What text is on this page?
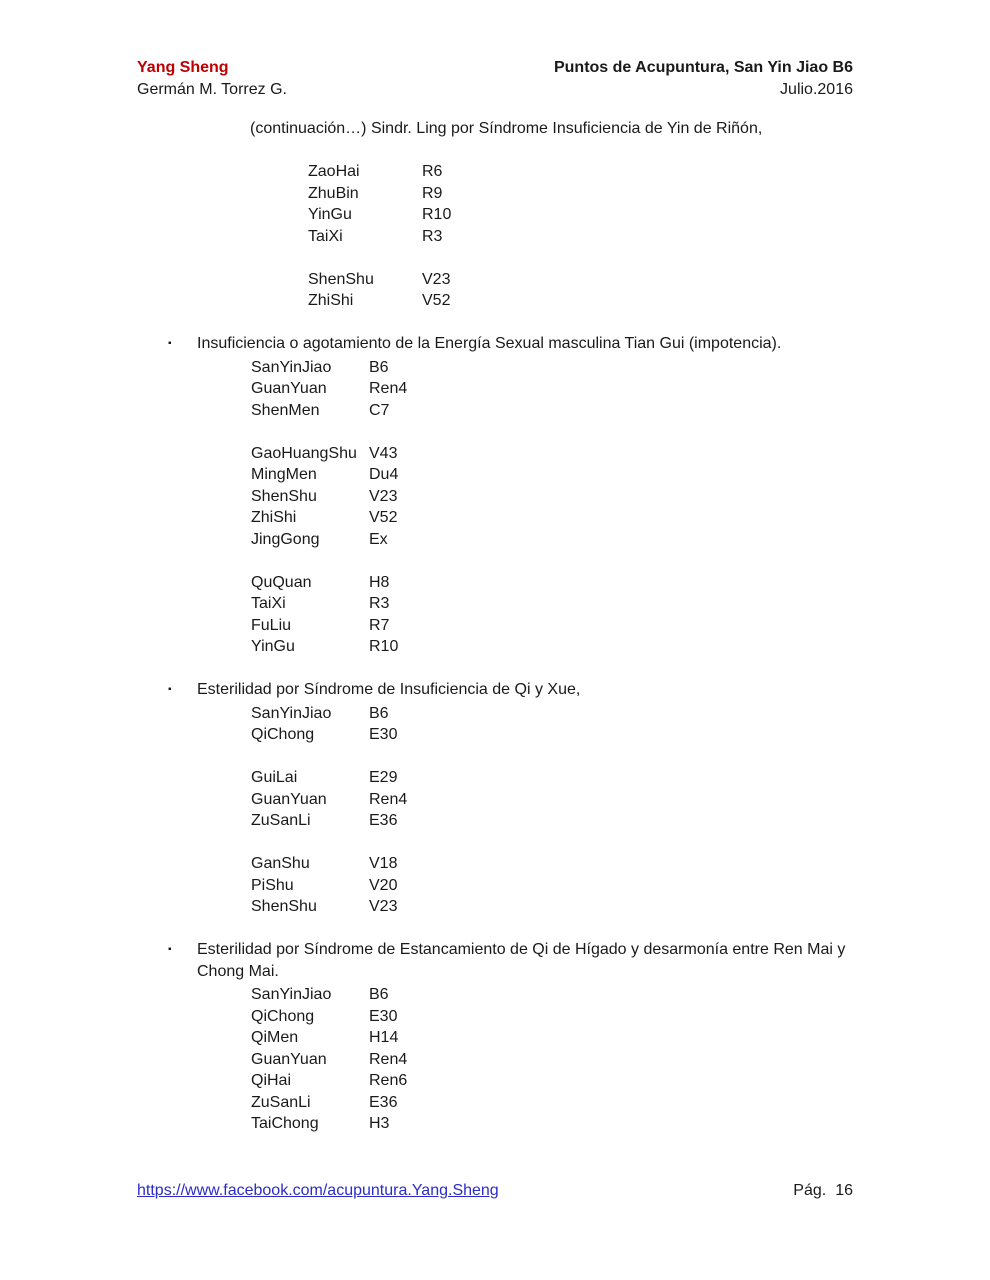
Yang Sheng	Puntos de Acupuntura, San Yin Jiao B6
Germán M. Torrez G.	Julio.2016
(continuación…) Sindr. Ling por Síndrome Insuficiencia de Yin de Riñón,
ZaoHai	R6
ZhuBin	R9
YinGu	R10
TaiXi	R3
ShenShu	V23
ZhiShi	V52
▪	Insuficiencia o agotamiento de la Energía Sexual masculina Tian Gui (impotencia).
SanYinJiao B6
GuanYuan	Ren4
ShenMen	C7
GaoHuangShu V43
MingMen	Du4
ShenShu	V23
ZhiShi	V52
JingGong	Ex
QuQuan	H8
TaiXi	R3
FuLiu	R7
YinGu	R10
▪	Esterilidad por Síndrome de Insuficiencia de Qi y Xue,
SanYinJiao B6
QiChong	E30
GuiLai	E29
GuanYuan	Ren4
ZuSanLi	E36
GanShu	V18
PiShu	V20
ShenShu	V23
▪	Esterilidad por Síndrome de Estancamiento de Qi de Hígado y desarmonía entre Ren Mai y Chong Mai.
SanYinJiao B6
QiChong	E30
QiMen	H14
GuanYuan	Ren4
QiHai	Ren6
ZuSanLi	E36
TaiChong	H3
https://www.facebook.com/acupuntura.Yang.Sheng	Pág. 16
